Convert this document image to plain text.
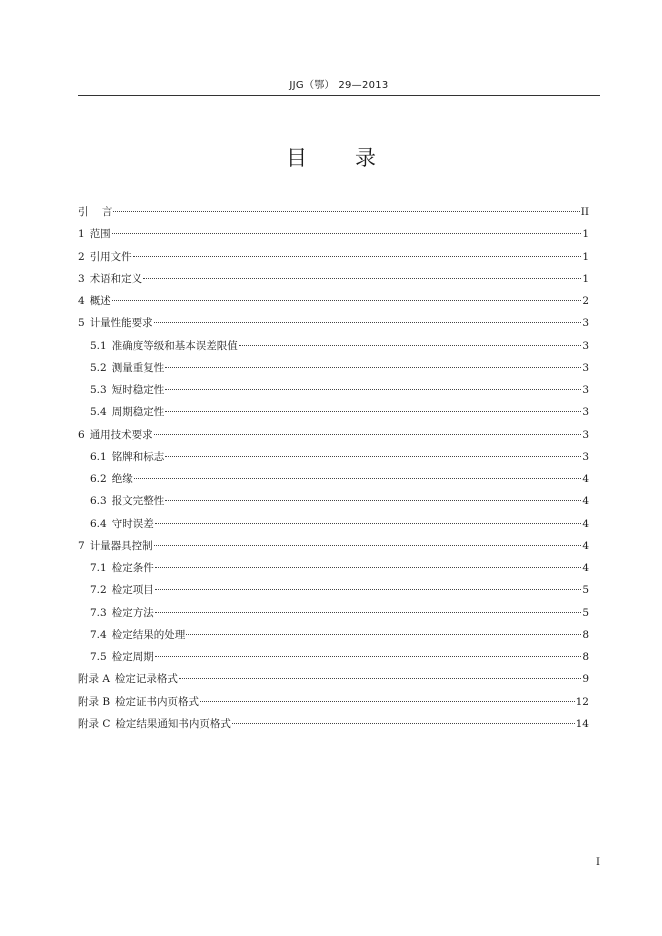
JJG（鄂） 29—2013
目录
引    言	II
1 范围	1
2 引用文件	1
3 术语和定义	1
4 概述	2
5 计量性能要求	3
5.1 准确度等级和基本误差限值	3
5.2 测量重复性	3
5.3 短时稳定性	3
5.4 周期稳定性	3
6 通用技术要求	3
6.1 铭牌和标志	3
6.2 绝缘	4
6.3 报文完整性	4
6.4 守时误差	4
7 计量器具控制	4
7.1 检定条件	4
7.2 检定项目	5
7.3 检定方法	5
7.4 检定结果的处理	8
7.5 检定周期	8
附录 A 检定记录格式	9
附录 B 检定证书内页格式	12
附录 C 检定结果通知书内页格式	14
I
